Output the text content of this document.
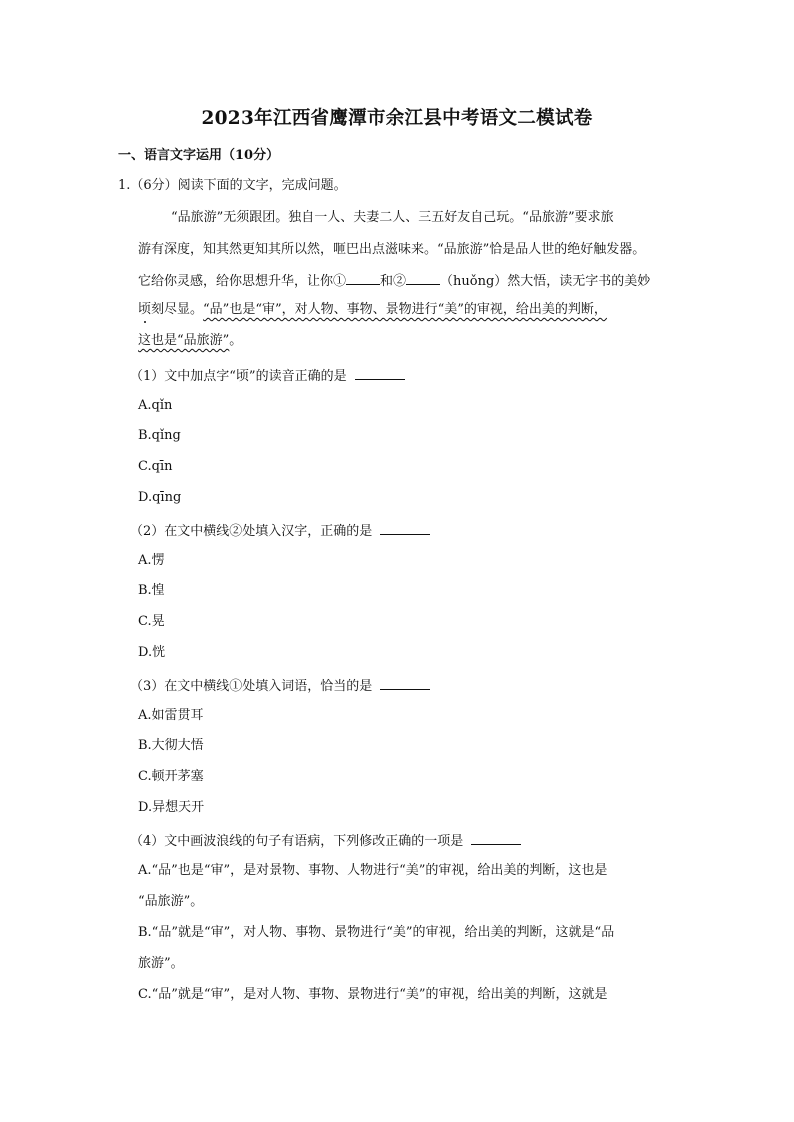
2023年江西省鹰潭市余江县中考语文二模试卷
一、语言文字运用（10分）
1.（6分）阅读下面的文字，完成问题。
“品旅游”无须跟团。独自一人、夫妻二人、三五好友自己玩。“品旅游”要求旅
游有深度，知其然更知其所以然，咂巴出点滋味来。“品旅游”恰是品人世的绝好触发器。
它给你灵感，给你思想升华，让你①	和②	（huǒng）然大悟，读无字书的美妙
顷刻尽显。“品”也是“审”，对人物、事物、景物进行“美”的审视，给出美的判断，
这也是“品旅游”。
（1）文中加点字“顷”的读音正确的是
A.qǐn
B.qǐng
C.qīn
D.qīng
（2）在文中横线②处填入汉字，正确的是
A.愣
B.惶
C.晃
D.恍
（3）在文中横线①处填入词语，恰当的是
A.如雷贯耳
B.大彻大悟
C.顿开茅塞
D.异想天开
（4）文中画波浪线的句子有语病，下列修改正确的一项是
A.“品”也是“审”，是对景物、事物、人物进行“美”的审视，给出美的判断，这也是
“品旅游”。
B.“品”就是“审”，对人物、事物、景物进行“美”的审视，给出美的判断，这就是“品
旅游”。
C.“品”就是“审”，是对人物、事物、景物进行“美”的审视，给出美的判断，这就是
